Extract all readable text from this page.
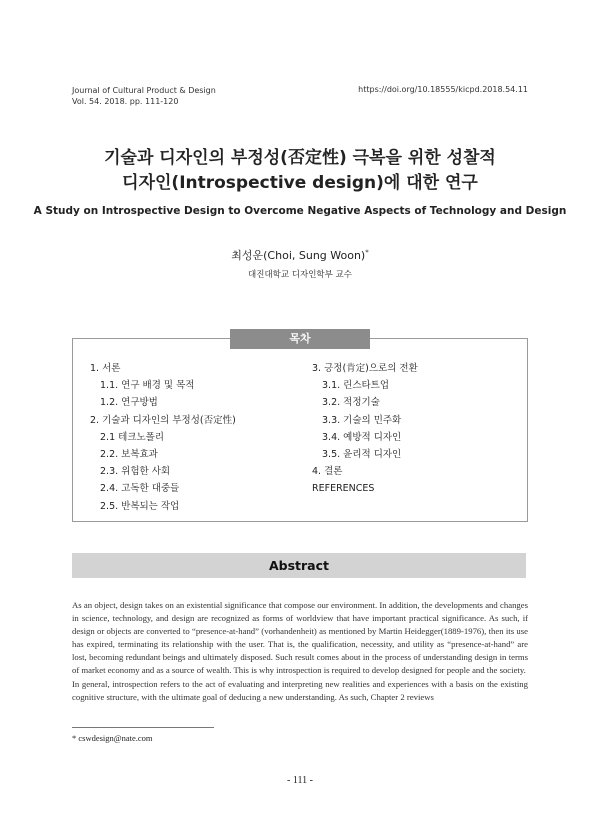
Journal of Cultural Product & Design
Vol. 54. 2018. pp. 111-120
https://doi.org/10.18555/kicpd.2018.54.11
기술과 디자인의 부정성(否定性) 극복을 위한 성찰적
디자인(Introspective design)에 대한 연구
A Study on Introspective Design to Overcome Negative Aspects of Technology and Design
최성운(Choi, Sung Woon)*
대진대학교 디자인학부 교수
목차
1. 서론
1.1. 연구 배경 및 목적
1.2. 연구방법
2. 기술과 디자인의 부정성(否定性)
2.1 테크노폴리
2.2. 보복효과
2.3. 위험한 사회
2.4. 고독한 대중들
2.5. 반복되는 작업
3. 긍정(肯定)으로의 전환
3.1. 린스타트업
3.2. 적정기술
3.3. 기술의 민주화
3.4. 예방적 디자인
3.5. 윤리적 디자인
4. 결론
REFERENCES
Abstract

As an object, design takes on an existential significance that compose our environment. In addition, the developments and changes in science, technology, and design are recognized as forms of worldview that have important practical significance. As such, if design or objects are converted to “presence-at-hand” (vorhandenheit) as mentioned by Martin Heidegger(1889-1976), then its use has expired, terminating its relationship with the user. That is, the qualification, necessity, and utility as “presence-at-hand” are lost, becoming redundant beings and ultimately disposed. Such result comes about in the process of understanding design in terms of market economy and as a source of wealth. This is why introspection is required to develop designed for people and the society.

In general, introspection refers to the act of evaluating and interpreting new realities and experiences with a basis on the existing cognitive structure, with the ultimate goal of deducing a new understanding. As such, Chapter 2 reviews

* cswdesign@nate.com
- 111 -
